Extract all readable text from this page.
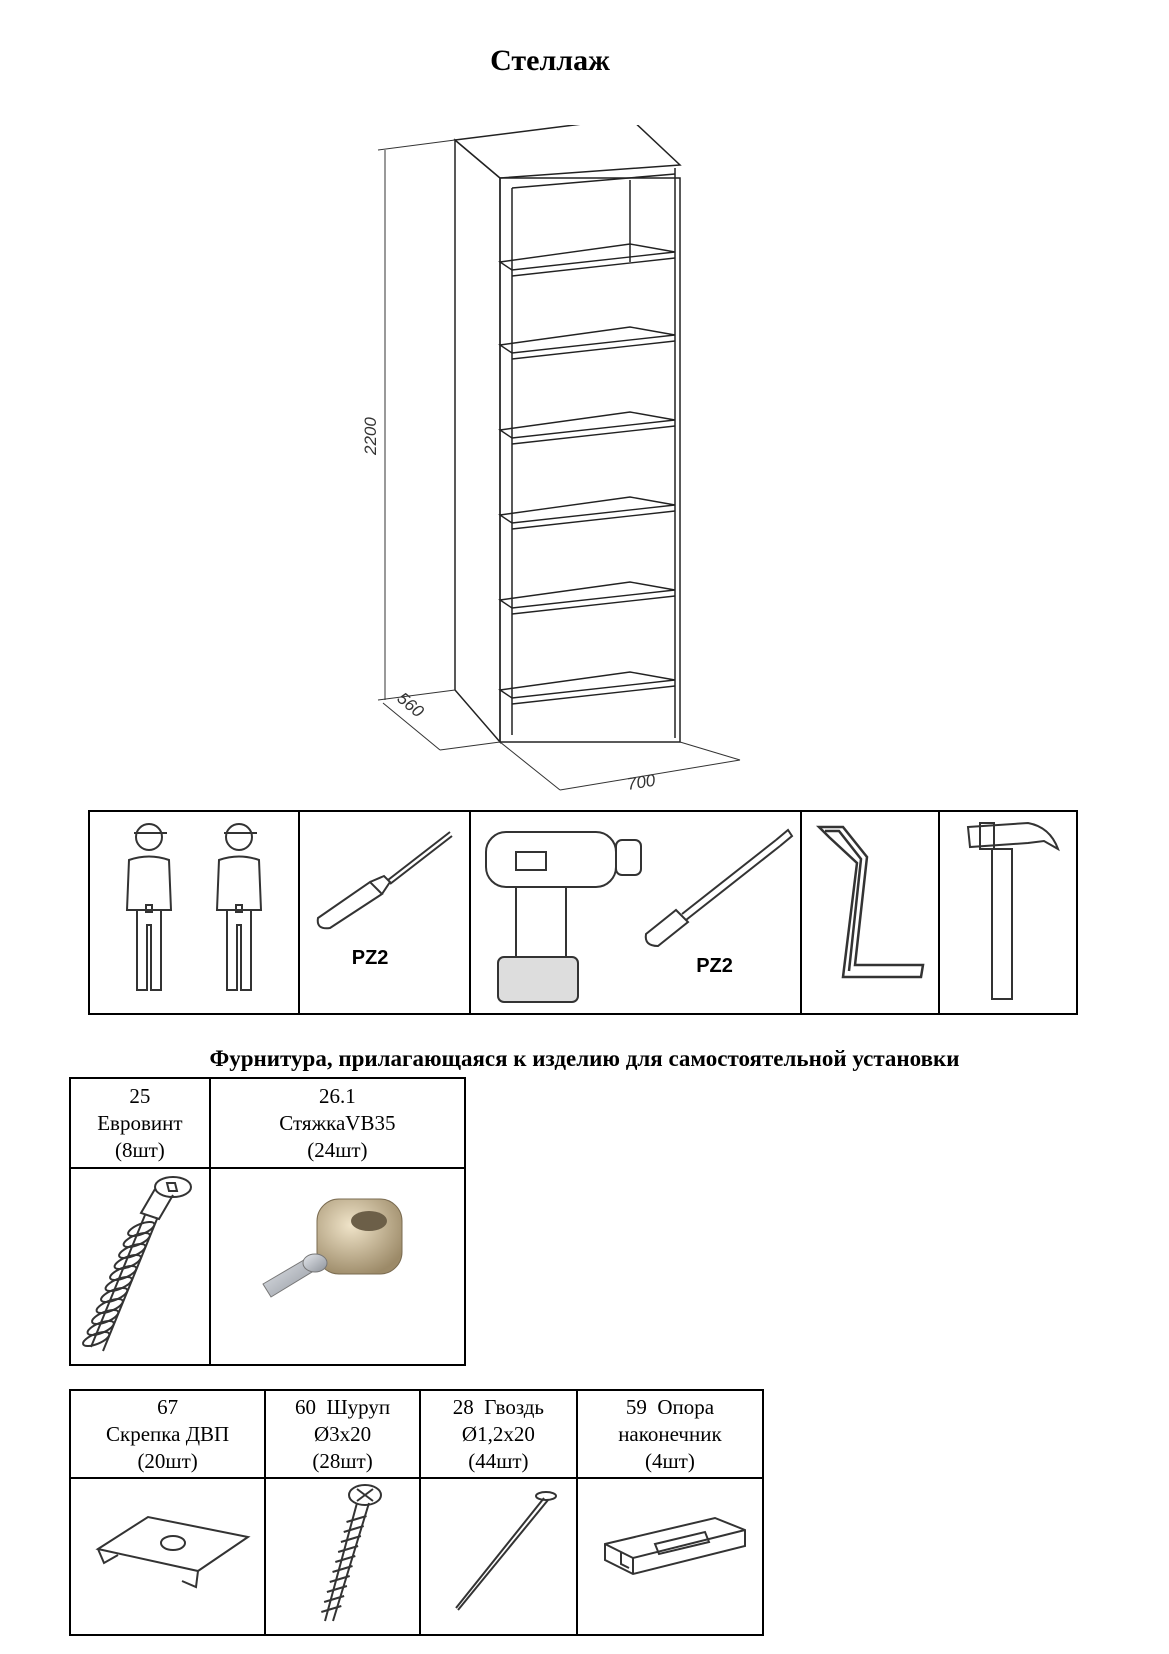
Стеллаж
2200
560
700

PZ2	PZ2

Фурнитура, прилагающаяся к изделию для самостоятельной установки
25
Евровинт
(8шт)	26.1
СтяжкаVB35
(24шт)

67
Скрепка ДВП
(20шт)	60  Шуруп
Ø3х20
(28шт)	28  Гвоздь
Ø1,2х20
(44шт)	59  Опора
наконечник
(4шт)
